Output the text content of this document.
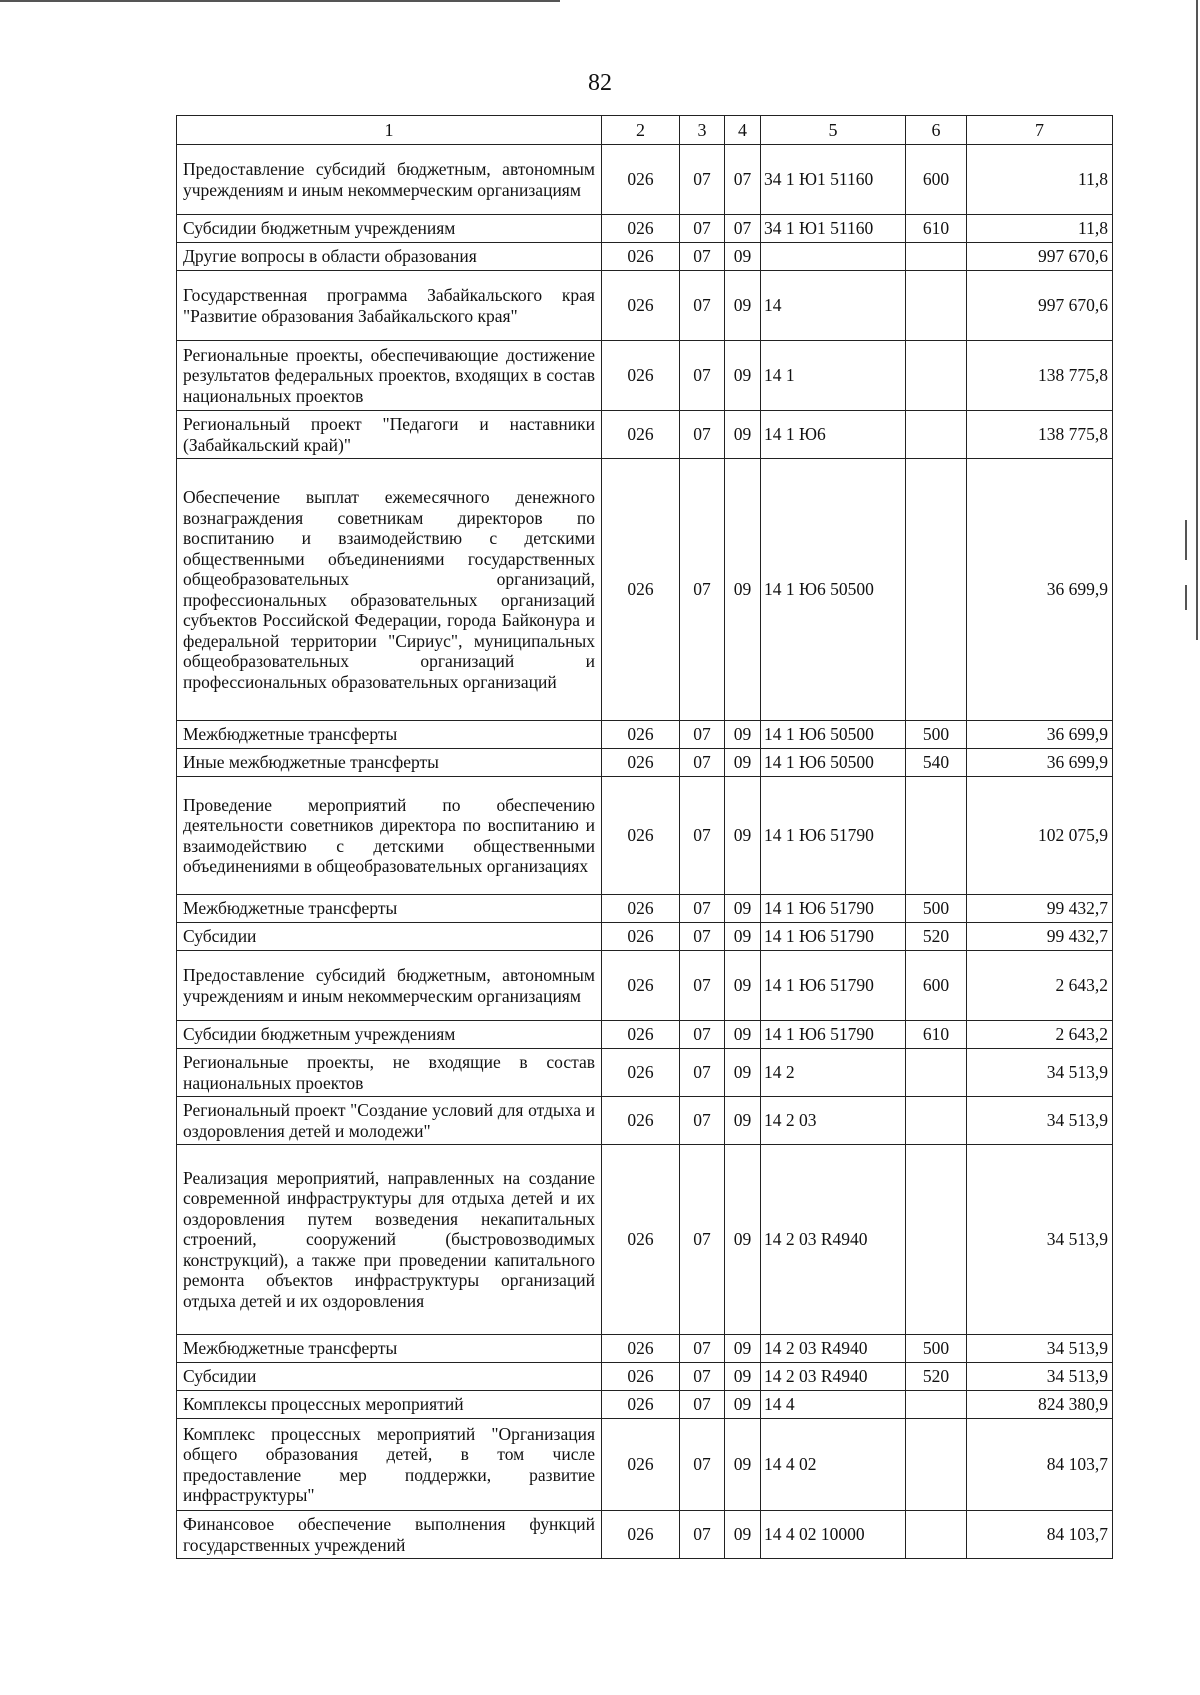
82
1	2	3	4	5	6	7
Предоставление субсидий бюджетным, автономным учреждениям и иным некоммерческим организациям	026	07	07	34 1 Ю1 51160	600	11,8
Субсидии бюджетным учреждениям	026	07	07	34 1 Ю1 51160	610	11,8
Другие вопросы в области образования	026	07	09			997 670,6
Государственная программа Забайкальского края "Развитие образования Забайкальского края"	026	07	09	14		997 670,6
Региональные проекты, обеспечивающие достижение результатов федеральных проектов, входящих в состав национальных проектов	026	07	09	14 1		138 775,8
Региональный проект "Педагоги и наставники (Забайкальский край)"	026	07	09	14 1 Ю6		138 775,8
Обеспечение выплат ежемесячного денежного вознаграждения советникам директоров по воспитанию и взаимодействию с детскими общественными объединениями государственных общеобразовательных организаций, профессиональных образовательных организаций субъектов Российской Федерации, города Байконура и федеральной территории "Сириус", муниципальных общеобразовательных организаций и профессиональных образовательных организаций	026	07	09	14 1 Ю6 50500		36 699,9
Межбюджетные трансферты	026	07	09	14 1 Ю6 50500	500	36 699,9
Иные межбюджетные трансферты	026	07	09	14 1 Ю6 50500	540	36 699,9
Проведение мероприятий по обеспечению деятельности советников директора по воспитанию и взаимодействию с детскими общественными объединениями в общеобразовательных организациях	026	07	09	14 1 Ю6 51790		102 075,9
Межбюджетные трансферты	026	07	09	14 1 Ю6 51790	500	99 432,7
Субсидии	026	07	09	14 1 Ю6 51790	520	99 432,7
Предоставление субсидий бюджетным, автономным учреждениям и иным некоммерческим организациям	026	07	09	14 1 Ю6 51790	600	2 643,2
Субсидии бюджетным учреждениям	026	07	09	14 1 Ю6 51790	610	2 643,2
Региональные проекты, не входящие в состав национальных проектов	026	07	09	14 2		34 513,9
Региональный проект "Создание условий для отдыха и оздоровления детей и молодежи"	026	07	09	14 2 03		34 513,9
Реализация мероприятий, направленных на создание современной инфраструктуры для отдыха детей и их оздоровления путем возведения некапитальных строений, сооружений (быстровозводимых конструкций), а также при проведении капитального ремонта объектов инфраструктуры организаций отдыха детей и их оздоровления	026	07	09	14 2 03 R4940		34 513,9
Межбюджетные трансферты	026	07	09	14 2 03 R4940	500	34 513,9
Субсидии	026	07	09	14 2 03 R4940	520	34 513,9
Комплексы процессных мероприятий	026	07	09	14 4		824 380,9
Комплекс процессных мероприятий "Организация общего образования детей, в том числе предоставление мер поддержки, развитие инфраструктуры"	026	07	09	14 4 02		84 103,7
Финансовое обеспечение выполнения функций государственных учреждений	026	07	09	14 4 02 10000		84 103,7
